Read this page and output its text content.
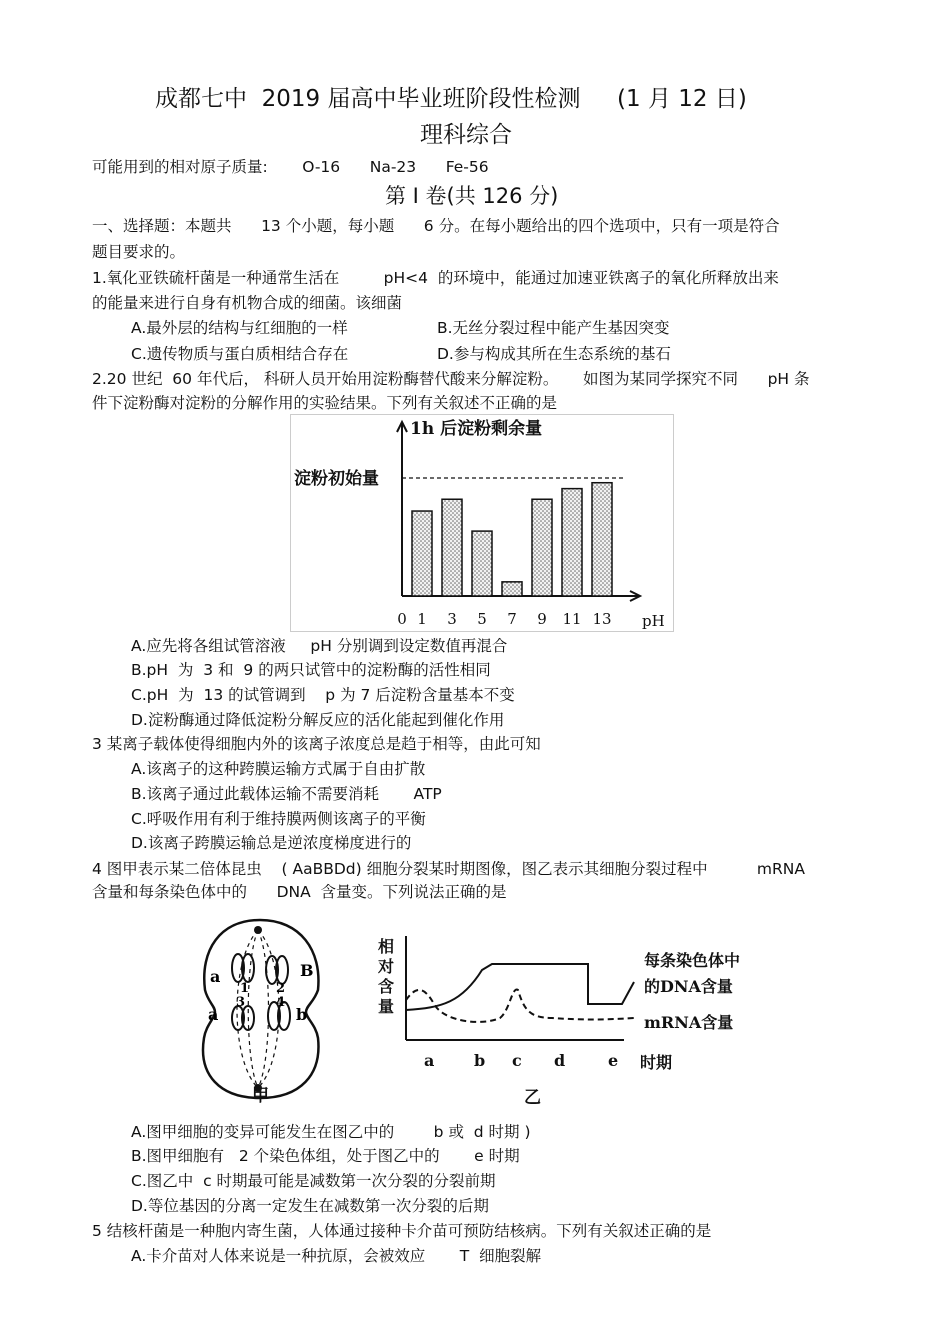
成都七中  2019 届高中毕业班阶段性检测     (1 月 12 日)
理科综合
可能用到的相对原子质量:       O-16      Na-23      Fe-56
第 I 卷(共 126 分)
一、选择题：本题共      13 个小题，每小题      6 分。在每小题给出的四个选项中，只有一项是符合
题目要求的。
1.氧化亚铁硫杆菌是一种通常生活在         pH<4  的环境中，能通过加速亚铁离子的氧化所释放出来
的能量来进行自身有机物合成的细菌。该细菌
A.最外层的结构与红细胞的一样	B.无丝分裂过程中能产生基因突变
C.遗传物质与蛋白质相结合存在	D.参与构成其所在生态系统的基石
2.20 世纪  60 年代后， 科研人员开始用淀粉酶替代酸来分解淀粉。     如图为某同学探究不同      pH 条
件下淀粉酶对淀粉的分解作用的实验结果。下列有关叙述不正确的是
0 1 3 5 7 9 11 13
1h 后淀粉剩余量
淀粉初始量
pH
A.应先将各组试管溶液     pH 分别调到设定数值再混合
B.pH  为  3 和  9 的两只试管中的淀粉酶的活性相同
C.pH  为  13 的试管调到    p 为 7 后淀粉含量基本不变
D.淀粉酶通过降低淀粉分解反应的活化能起到催化作用
3 某离子载体使得细胞内外的该离子浓度总是趋于相等，由此可知
A.该离子的这种跨膜运输方式属于自由扩散
B.该离子通过此载体运输不需要消耗       ATP
C.呼吸作用有利于维持膜两侧该离子的平衡
D.该离子跨膜运输总是逆浓度梯度进行的
4 图甲表示某二倍体昆虫    ( AaBBDd) 细胞分裂某时期图像，图乙表示其细胞分裂过程中          mRNA
含量和每条染色体中的      DNA  含量变。下列说法正确的是
a	B
a	b
1
3
2
4
甲
相
对
含
量
a b c d	e 时期
每条染色体中
的DNA含量
mRNA含量
乙
A.图甲细胞的变异可能发生在图乙中的        b 或  d 时期 )
B.图甲细胞有   2 个染色体组，处于图乙中的       e 时期
C.图乙中  c 时期最可能是减数第一次分裂的分裂前期
D.等位基因的分离一定发生在减数第一次分裂的后期
5 结核杆菌是一种胞内寄生菌，人体通过接种卡介苗可预防结核病。下列有关叙述正确的是
A.卡介苗对人体来说是一种抗原，会被效应       T  细胞裂解
